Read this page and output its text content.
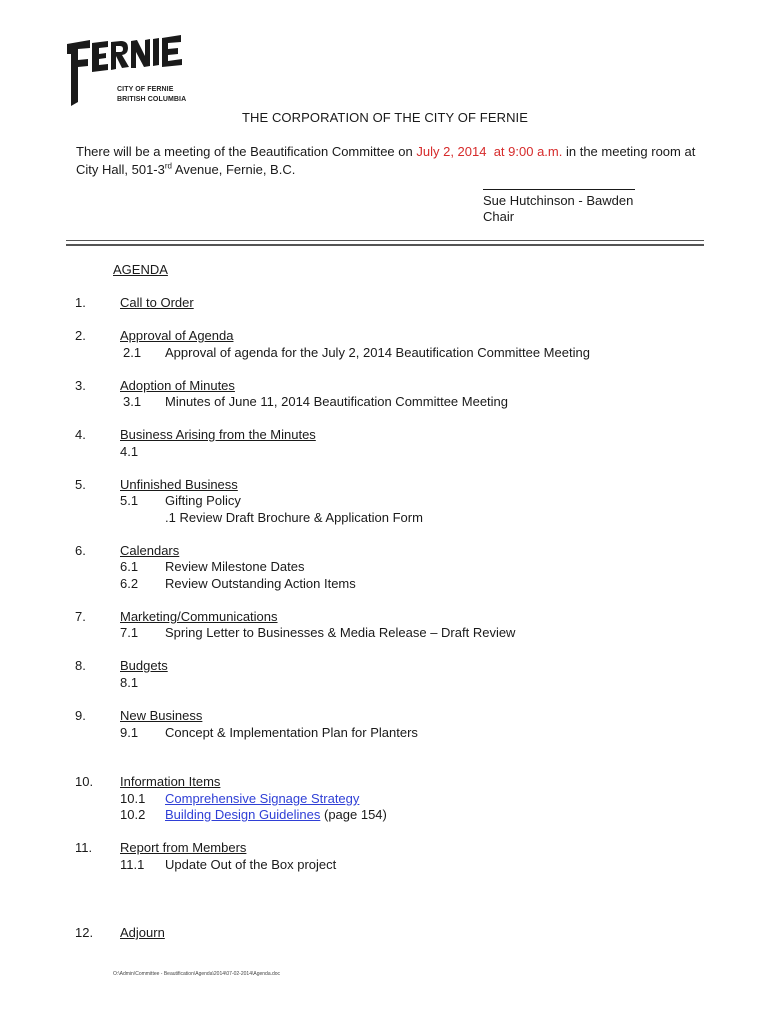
CITY OF FERNIE
BRITISH COLUMBIA
THE CORPORATION OF THE CITY OF FERNIE
There will be a meeting of the Beautification Committee on July 2, 2014 at 9:00 a.m. in the meeting room at City Hall, 501-3rd Avenue, Fernie, B.C.
Sue Hutchinson - Bawden
Chair
AGENDA
1.	Call to Order
2.	Approval of Agenda
2.1 Approval of agenda for the July 2, 2014 Beautification Committee Meeting
3.	Adoption of Minutes
3.1 Minutes of June 11, 2014 Beautification Committee Meeting
4.	Business Arising from the Minutes
4.1
5.	Unfinished Business
5.1 Gifting Policy
.1 Review Draft Brochure & Application Form
6.	Calendars
6.1 Review Milestone Dates
6.2 Review Outstanding Action Items
7.	Marketing/Communications
7.1 Spring Letter to Businesses & Media Release – Draft Review
8.	Budgets
8.1
9.	New Business
9.1 Concept & Implementation Plan for Planters
10. Information Items
10.1 Comprehensive Signage Strategy
10.2 Building Design Guidelines (page 154)
11. Report from Members
11.1 Update Out of the Box project
12. Adjourn
O:\Admin\Committee - Beautification\Agenda\2014\07-02-2014\Agenda.doc
